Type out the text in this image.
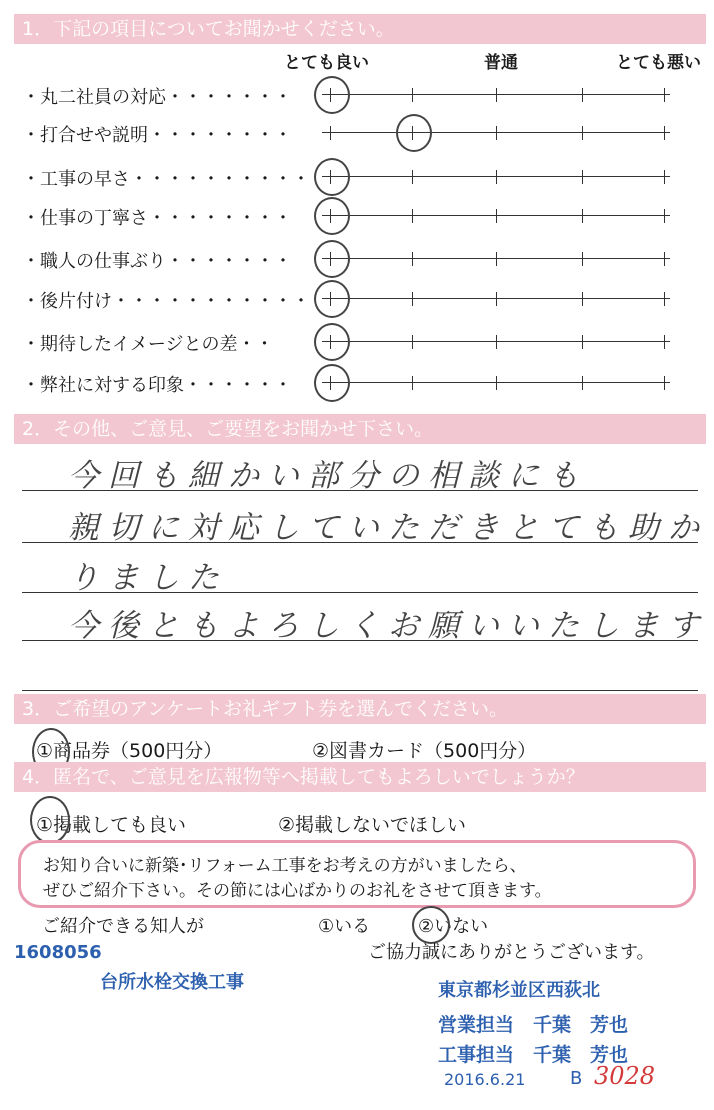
1．下記の項目についてお聞かせください。
とても良い	普通	とても悪い
・丸二社員の対応・・・・・・・
・打合せや説明・・・・・・・・
・工事の早さ・・・・・・・・・・
・仕事の丁寧さ・・・・・・・・
・職人の仕事ぶり・・・・・・・
・後片付け・・・・・・・・・・・
・期待したイメージとの差・・
・弊社に対する印象・・・・・・
2．その他、ご意見、ご要望をお聞かせ下さい。
今回も細かい部分の相談にも
親切に対応していただきとても助か
りました
今後ともよろしくお願いいたします
3．ご希望のアンケートお礼ギフト券を選んでください。
①商品券（500円分）	②図書カード（500円分）
4．匿名で、ご意見を広報物等へ掲載してもよろしいでしょうか？
①掲載しても良い	②掲載しないでほしい
お知り合いに新築･リフォーム工事をお考えの方がいましたら、
ぜひご紹介下さい。その節には心ばかりのお礼をさせて頂きます。
ご紹介できる知人が	①いる	②いない
ご協力誠にありがとうございます。
1608056
台所水栓交換工事	東京都杉並区西荻北
営業担当　千葉　芳也
工事担当　千葉　芳也
2016.6.21 B 3028
